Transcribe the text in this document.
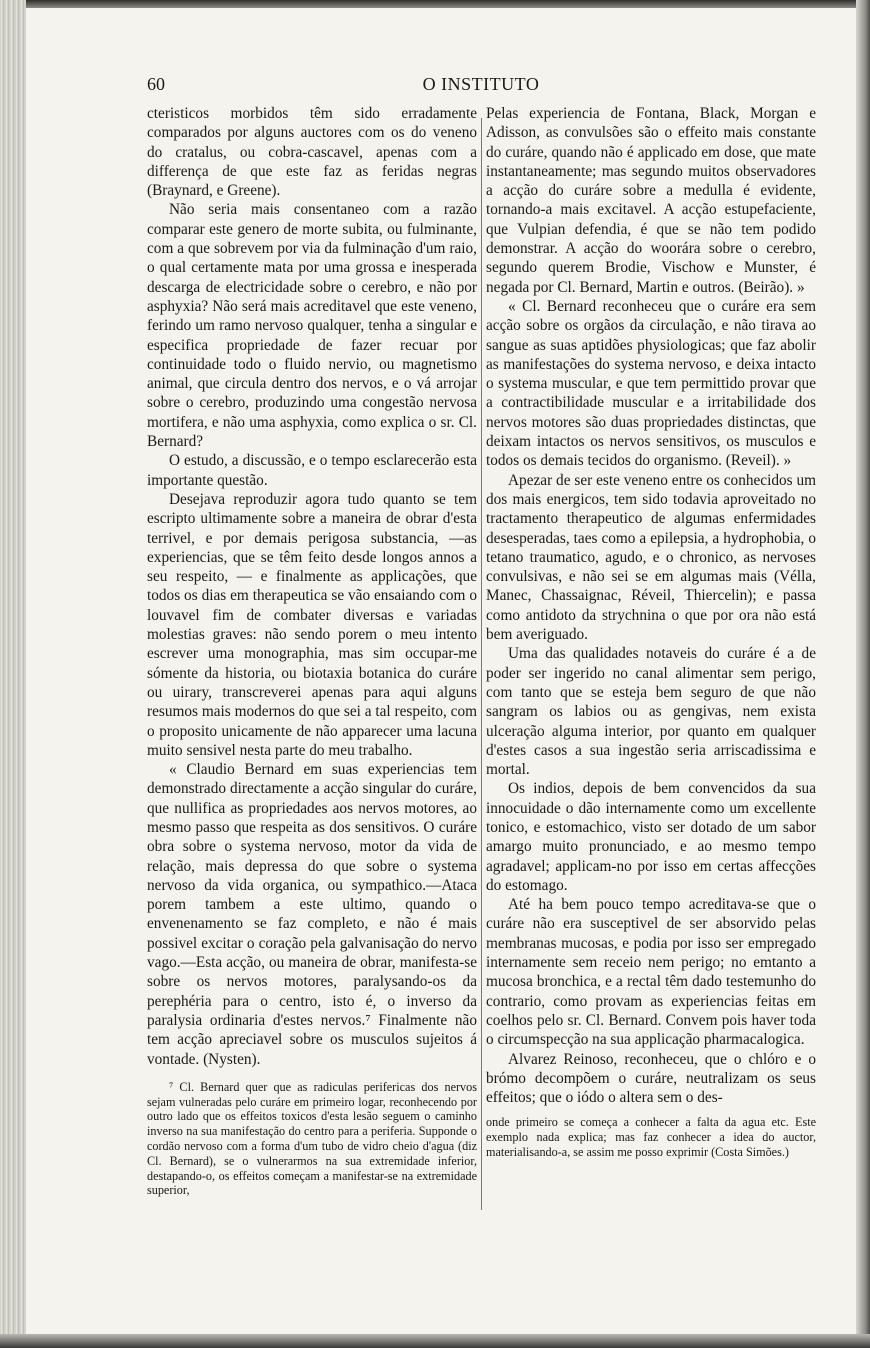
60	O INSTITUTO

cteristicos morbidos têm sido erradamente comparados por alguns auctores com os do veneno do cratalus, ou cobra-cascavel, apenas com a differença de que este faz as feridas negras (Braynard, e Greene).

Não seria mais consentaneo com a razão comparar este genero de morte subita, ou fulminante, com a que sobrevem por via da fulminação d'um raio, o qual certamente mata por uma grossa e inesperada descarga de electricidade sobre o cerebro, e não por asphyxia? Não será mais acreditavel que este veneno, ferindo um ramo nervoso qualquer, tenha a singular e especifica propriedade de fazer recuar por continuidade todo o fluido nervio, ou magnetismo animal, que circula dentro dos nervos, e o vá arrojar sobre o cerebro, produzindo uma congestão nervosa mortifera, e não uma asphyxia, como explica o sr. Cl. Bernard?

O estudo, a discussão, e o tempo esclarecerão esta importante questão.

Desejava reproduzir agora tudo quanto se tem escripto ultimamente sobre a maneira de obrar d'esta terrivel, e por demais perigosa substancia, —as experiencias, que se têm feito desde longos annos a seu respeito, — e finalmente as applicações, que todos os dias em therapeutica se vão ensaiando com o louvavel fim de combater diversas e variadas molestias graves: não sendo porem o meu intento escrever uma monographia, mas sim occupar-me sómente da historia, ou biotaxia botanica do curáre ou uirary, transcreverei apenas para aqui alguns resumos mais modernos do que sei a tal respeito, com o proposito unicamente de não apparecer uma lacuna muito sensivel nesta parte do meu trabalho.

« Claudio Bernard em suas experiencias tem demonstrado directamente a acção singular do curáre, que nullifica as propriedades aos nervos motores, ao mesmo passo que respeita as dos sensitivos. O curáre obra sobre o systema nervoso, motor da vida de relação, mais depressa do que sobre o systema nervoso da vida organica, ou sympathico.—Ataca porem tambem a este ultimo, quando o envenenamento se faz completo, e não é mais possivel excitar o coração pela galvanisação do nervo vago.—Esta acção, ou maneira de obrar, manifesta-se sobre os nervos motores, paralysando-os da perephéria para o centro, isto é, o inverso da paralysia ordinaria d'estes nervos.⁷ Finalmente não tem acção apreciavel sobre os musculos sujeitos á vontade. (Nysten).

⁷ Cl. Bernard quer que as radiculas perifericas dos nervos sejam vulneradas pelo curáre em primeiro logar, reconhecendo por outro lado que os effeitos toxicos d'esta lesão seguem o caminho inverso na sua manifestação do centro para a periferia. Supponde o cordão nervoso com a forma d'um tubo de vidro cheio d'agua (diz Cl. Bernard), se o vulnerarmos na sua extremidade inferior, destapando-o, os effeitos começam a manifestar-se na extremidade superior,

Pelas experiencia de Fontana, Black, Morgan e Adisson, as convulsões são o effeito mais constante do curáre, quando não é applicado em dose, que mate instantaneamente; mas segundo muitos observadores a acção do curáre sobre a medulla é evidente, tornando-a mais excitavel. A acção estupefaciente, que Vulpian defendia, é que se não tem podido demonstrar. A acção do woorára sobre o cerebro, segundo querem Brodie, Vischow e Munster, é negada por Cl. Bernard, Martin e outros. (Beirão). »

« Cl. Bernard reconheceu que o curáre era sem acção sobre os orgãos da circulação, e não tirava ao sangue as suas aptidões physiologicas; que faz abolir as manifestações do systema nervoso, e deixa intacto o systema muscular, e que tem permittido provar que a contractibilidade muscular e a irritabilidade dos nervos motores são duas propriedades distinctas, que deixam intactos os nervos sensitivos, os musculos e todos os demais tecidos do organismo. (Reveil). »

Apezar de ser este veneno entre os conhecidos um dos mais energicos, tem sido todavia aproveitado no tractamento therapeutico de algumas enfermidades desesperadas, taes como a epilepsia, a hydrophobia, o tetano traumatico, agudo, e o chronico, as nervoses convulsivas, e não sei se em algumas mais (Vélla, Manec, Chassaignac, Réveil, Thiercelin); e passa como antidoto da strychnina o que por ora não está bem averiguado.

Uma das qualidades notaveis do curáre é a de poder ser ingerido no canal alimentar sem perigo, com tanto que se esteja bem seguro de que não sangram os labios ou as gengivas, nem exista ulceração alguma interior, por quanto em qualquer d'estes casos a sua ingestão seria arriscadissima e mortal.

Os indios, depois de bem convencidos da sua innocuidade o dão internamente como um excellente tonico, e estomachico, visto ser dotado de um sabor amargo muito pronunciado, e ao mesmo tempo agradavel; applicam-no por isso em certas affecções do estomago.

Até ha bem pouco tempo acreditava-se que o curáre não era susceptivel de ser absorvido pelas membranas mucosas, e podia por isso ser empregado internamente sem receio nem perigo; no emtanto a mucosa bronchica, e a rectal têm dado testemunho do contrario, como provam as experiencias feitas em coelhos pelo sr. Cl. Bernard. Convem pois haver toda o circumspecção na sua applicação pharmacalogica.

Alvarez Reinoso, reconheceu, que o chlóro e o brómo decompõem o curáre, neutralizam os seus effeitos; que o iódo o altera sem o des-

onde primeiro se começa a conhecer a falta da agua etc. Este exemplo nada explica; mas faz conhecer a idea do auctor, materialisando-a, se assim me posso exprimir (Costa Simões.)
